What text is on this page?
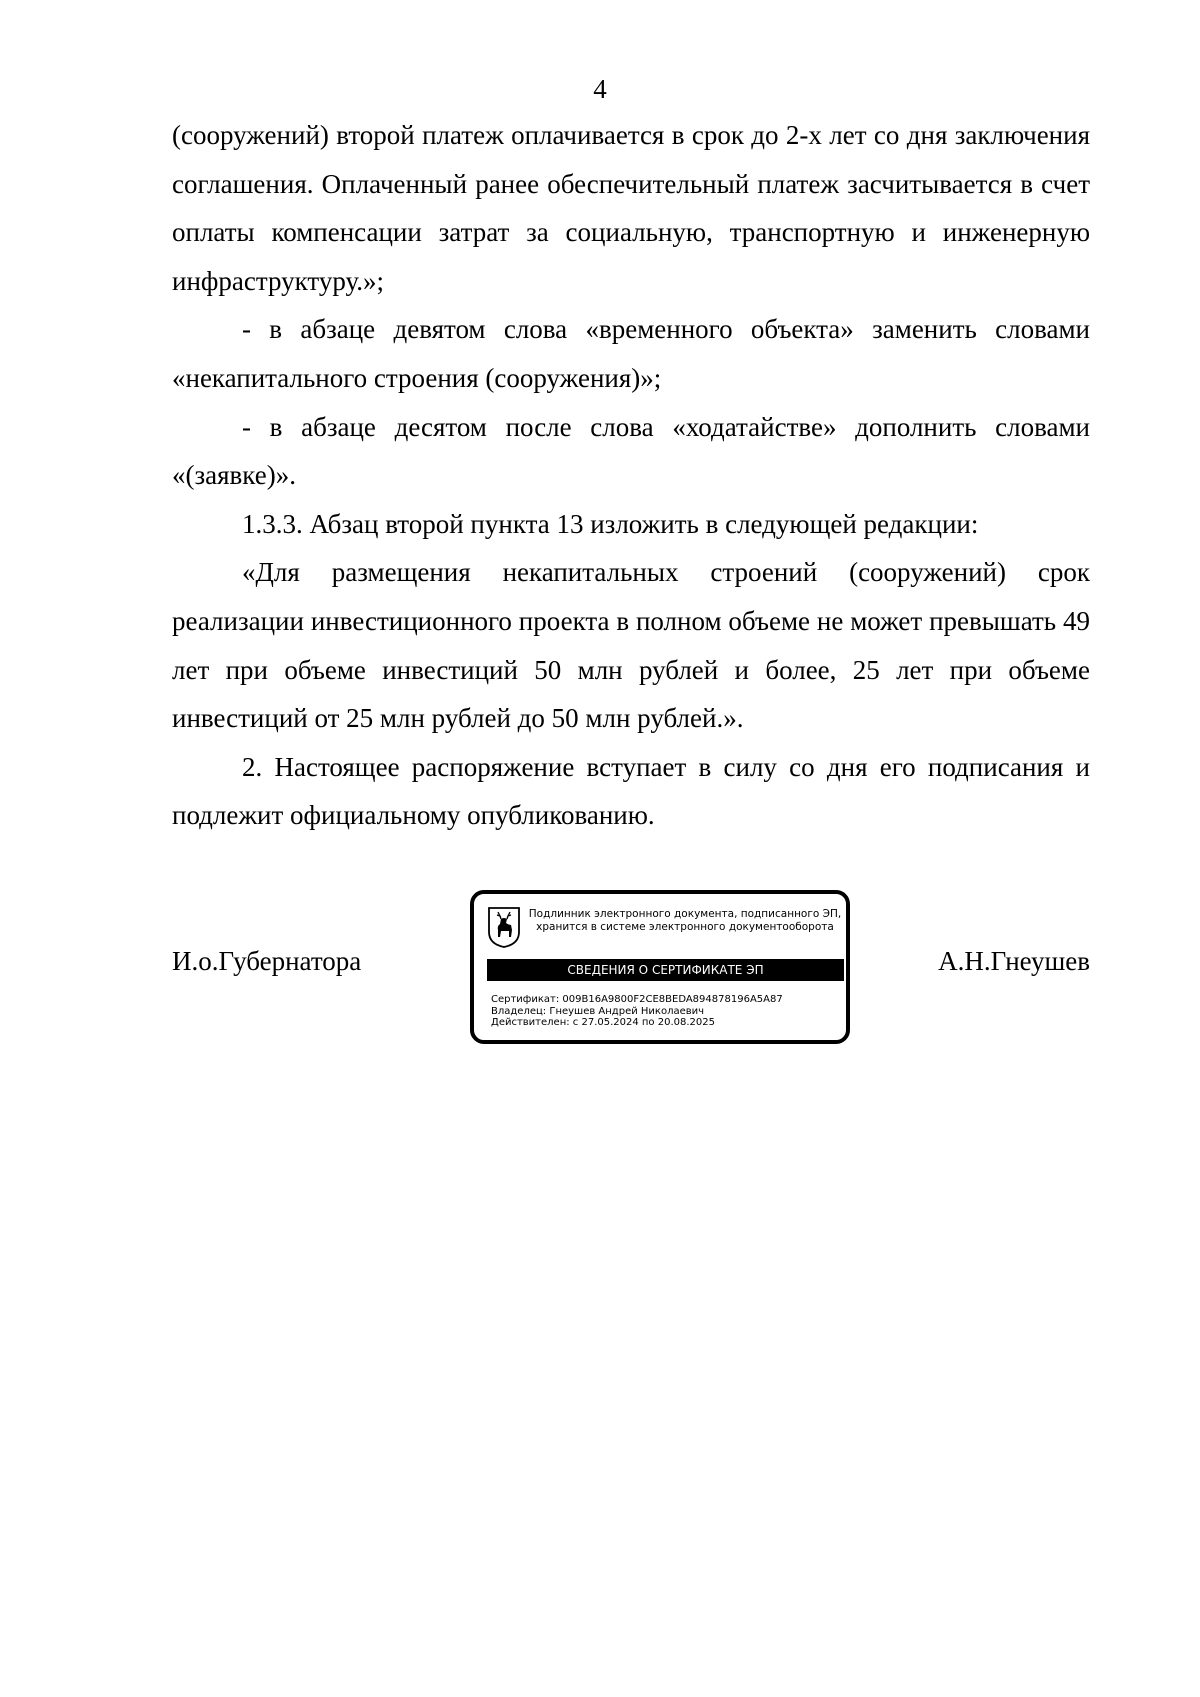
4

(сооружений) второй платеж оплачивается в срок до 2-х лет со дня заключения соглашения. Оплаченный ранее обеспечительный платеж засчитывается в счет оплаты компенсации затрат за социальную, транспортную и инженерную инфраструктуру.»;

- в абзаце девятом слова «временного объекта» заменить словами «некапитального строения (сооружения)»;

- в абзаце десятом после слова «ходатайстве» дополнить словами «(заявке)».

1.3.3. Абзац второй пункта 13 изложить в следующей редакции:

«Для размещения некапитальных строений (сооружений) срок реализации инвестиционного проекта в полном объеме не может превышать 49 лет при объеме инвестиций 50 млн рублей и более, 25 лет при объеме инвестиций от 25 млн рублей до 50 млн рублей.».

2. Настоящее распоряжение вступает в силу со дня его подписания и подлежит официальному опубликованию.

И.о.Губернатора
Подлинник электронного документа, подписанного ЭП,
хранится в системе электронного документооборота
СВЕДЕНИЯ О СЕРТИФИКАТЕ ЭП
Сертификат: 009B16A9800F2CE8BEDA894878196A5A87
Владелец: Гнеушев Андрей Николаевич
Действителен: с 27.05.2024 по 20.08.2025
А.Н.Гнеушев
